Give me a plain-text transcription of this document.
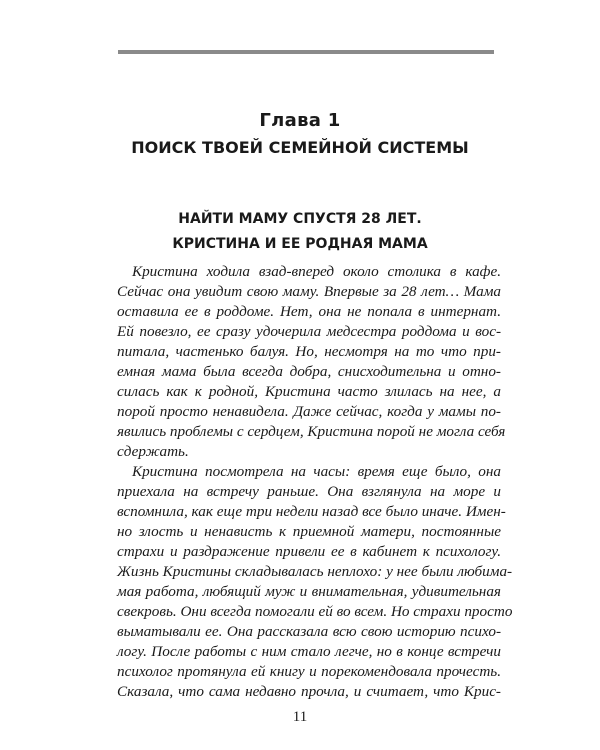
Глава 1
ПОИСК ТВОЕЙ СЕМЕЙНОЙ СИСТЕМЫ
НАЙТИ МАМУ СПУСТЯ 28 ЛЕТ.
КРИСТИНА И ЕЕ РОДНАЯ МАМА
Кристина ходила взад-вперед около столика в кафе.
Сейчас она увидит свою маму. Впервые за 28 лет… Мама
оставила ее в роддоме. Нет, она не попала в интернат.
Ей повезло, ее сразу удочерила медсестра роддома и вос-
питала, частенько балуя. Но, несмотря на то что при-
емная мама была всегда добра, снисходительна и отно-
силась как к родной, Кристина часто злилась на нее, а
порой просто ненавидела. Даже сейчас, когда у мамы по-
явились проблемы с сердцем, Кристина порой не могла себя
сдержать.
Кристина посмотрела на часы: время еще было, она
приехала на встречу раньше. Она взглянула на море и
вспомнила, как еще три недели назад все было иначе. Имен-
но злость и ненависть к приемной матери, постоянные
страхи и раздражение привели ее в кабинет к психологу.
Жизнь Кристины складывалась неплохо: у нее были любима-
мая работа, любящий муж и внимательная, удивительная
свекровь. Они всегда помогали ей во всем. Но страхи просто
выматывали ее. Она рассказала всю свою историю психо-
логу. После работы с ним стало легче, но в конце встречи
психолог протянула ей книгу и порекомендовала прочесть.
Сказала, что сама недавно прочла, и считает, что Крис-
11
